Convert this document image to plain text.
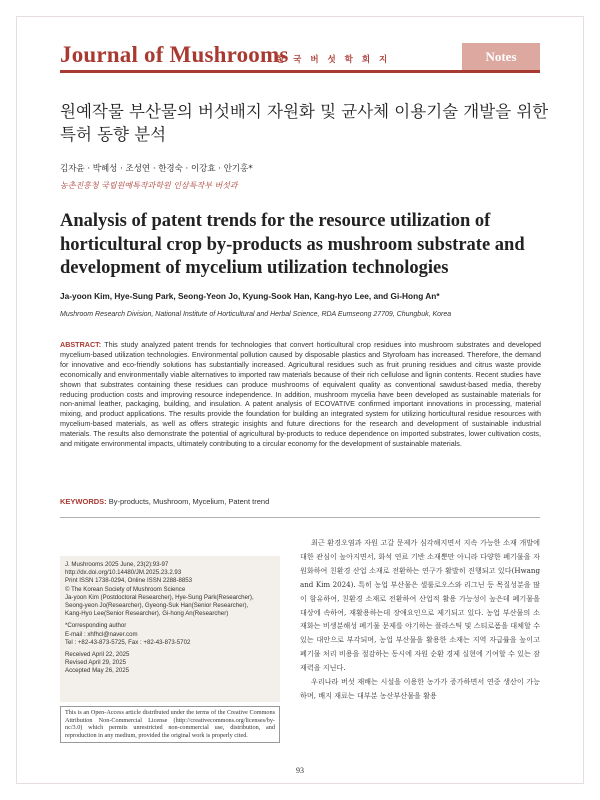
Journal of Mushrooms
한 국 버 섯 학 회 지	Notes
원예작물 부산물의 버섯배지 자원화 및 균사체 이용기술 개발을 위한 특허 동향 분석
김자윤 · 박혜성 · 조성연 · 한경숙 · 이강효 · 안기홍*
농촌진흥청 국립원예특작과학원 인삼특작부 버섯과
Analysis of patent trends for the resource utilization of horticultural crop by-products as mushroom substrate and development of mycelium utilization technologies
Ja-yoon Kim, Hye-Sung Park, Seong-Yeon Jo, Kyung-Sook Han, Kang-hyo Lee, and Gi-Hong An*
Mushroom Research Division, National Institute of Horticultural and Herbal Science, RDA Eumseong 27709, Chungbuk, Korea

ABSTRACT: This study analyzed patent trends for technologies that convert horticultural crop residues into mushroom substrates and developed mycelium-based utilization technologies. Environmental pollution caused by disposable plastics and Styrofoam has increased. Therefore, the demand for innovative and eco-friendly solutions has substantially increased. Agricultural residues such as fruit pruning residues and citrus waste provide economically and environmentally viable alternatives to imported raw materials because of their rich cellulose and lignin contents. Recent studies have shown that substrates containing these residues can produce mushrooms of equivalent quality as conventional sawdust-based media, thereby reducing production costs and improving resource independence. In addition, mushroom mycelia have been developed as sustainable materials for non-animal leather, packaging, building, and insulation. A patent analysis of ECOVATIVE confirmed important innovations in processing, material mixing, and product applications. The results provide the foundation for building an integrated system for utilizing horticultural residue resources with mycelium-based materials, as well as offers strategic insights and future directions for the research and development of sustainable industrial materials. The results also demonstrate the potential of agricultural by-products to reduce dependence on imported substrates, lower cultivation costs, and mitigate environmental impacts, ultimately contributing to a circular economy for the development of sustainable materials.

KEYWORDS: By-products, Mushroom, Mycelium, Patent trend
J. Mushrooms 2025 June, 23(2):93-97
http://dx.doi.org/10.14480/JM.2025.23.2.93
Print ISSN 1738-0294, Online ISSN 2288-8853
© The Korean Society of Mushroom Science
Ja-yoon Kim (Postdoctoral Researcher), Hye-Sung Park(Researcher),
Seong-yeon Jo(Researcher), Gyeong-Suk Han(Senior Researcher),
Kang-Hyo Lee(Senior Researcher), Gi-hong An(Researcher)
*Corresponding author
E-mail : xhfhcl@naver.com
Tel : +82-43-873-5725, Fax : +82-43-873-5702
Received April 22, 2025
Revised April 29, 2025
Accepted May 26, 2025
This is an Open-Access article distributed under the terms of the Creative Commons Attribution Non-Commercial License (http://creativecommons.org/licenses/by-nc/3.0) which permits unrestricted non-commercial use, distribution, and reproduction in any medium, provided the original work is properly cited.

최근 환경오염과 자원 고갈 문제가 심각해지면서 지속 가능한 소재 개발에 대한 관심이 높아지면서, 화석 연료 기반 소재뿐만 아니라 다양한 폐기물을 자원화하여 친환경 산업 소재로 전환하는 연구가 활발히 진행되고 있다(Hwang and Kim 2024). 특히 농업 부산물은 셀룰로오스와 리그닌 등 목질성분을 많이 함유하여, 친환경 소재로 전환하여 산업적 활용 가능성이 높은데 폐기물을 대상에 속하여, 재활용하는데 장애요인으로 제기되고 있다. 농업 부산물의 소재화는 비생분해성 폐기물 문제를 야기하는 플라스틱 및 스티로폼을 대체할 수 있는 대안으로 부각되며, 농업 부산물을 활용한 소재는 지역 자급률을 높이고 폐기물 처리 비용을 절감하는 동시에 자원 순환 경제 실현에 기여할 수 있는 잠재력을 지닌다.

우리나라 버섯 재배는 시설을 이용한 농가가 증가하면서 연중 생산이 가능하며, 배지 재료는 대부분 농산부산물을 활용

93
